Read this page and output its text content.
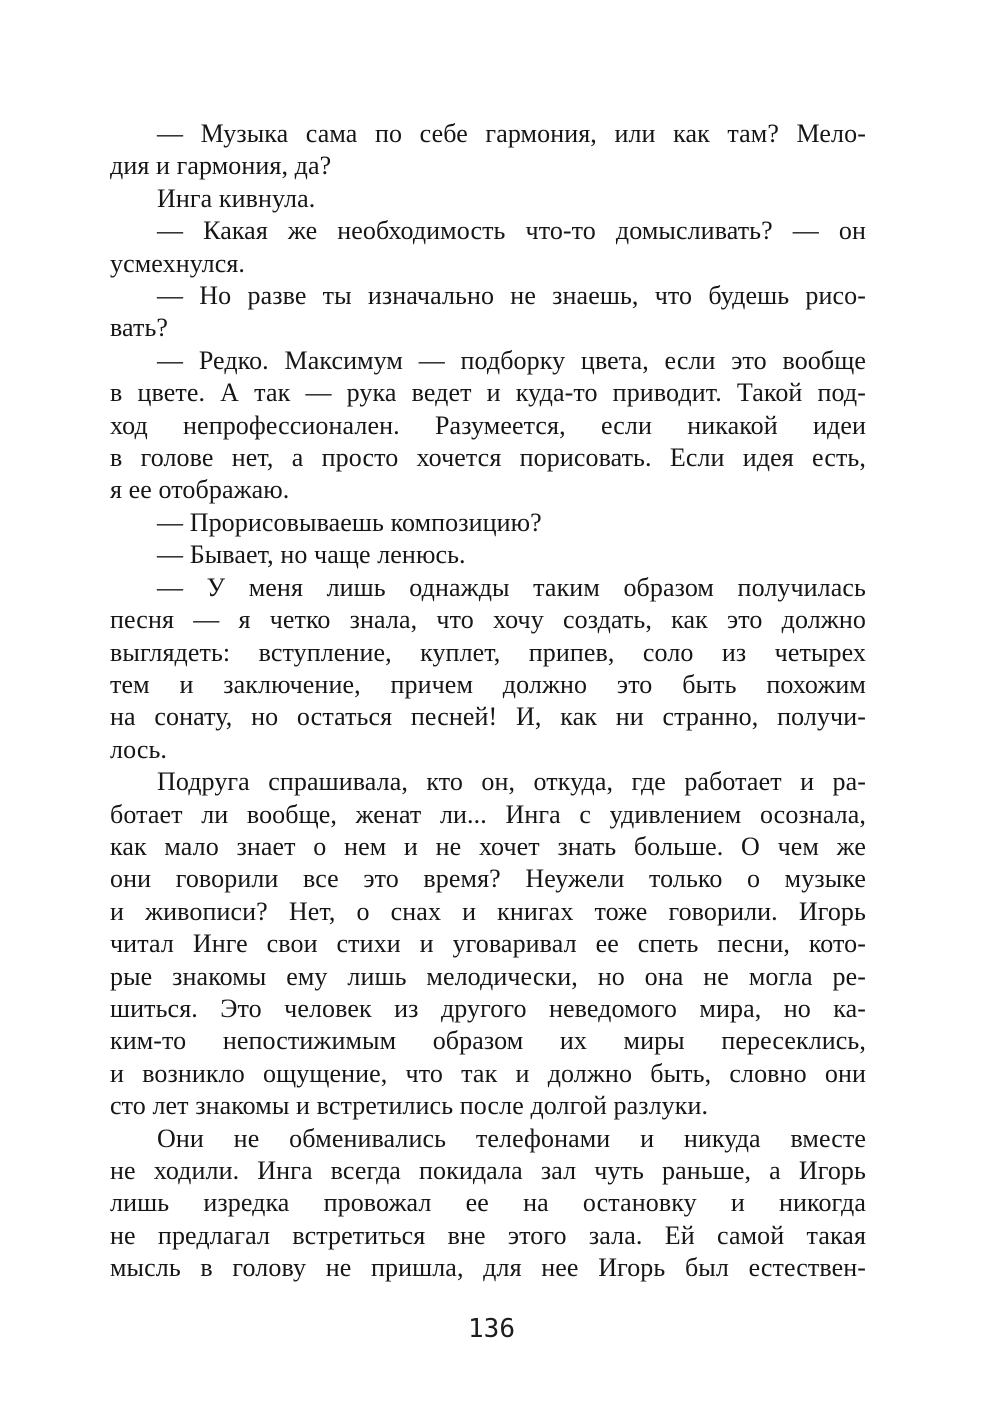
— Музыка сама по себе гармония, или как там? Мело-
дия и гармония, да?
Инга кивнула.
— Какая же необходимость что-то домысливать? — он
усмехнулся.
— Но разве ты изначально не знаешь, что будешь рисо-
вать?
— Редко. Максимум — подборку цвета, если это вообще
в цвете. А так — рука ведет и куда-то приводит. Такой под-
ход непрофессионален. Разумеется, если никакой идеи
в голове нет, а просто хочется порисовать. Если идея есть,
я ее отображаю.
— Прорисовываешь композицию?
— Бывает, но чаще ленюсь.
— У меня лишь однажды таким образом получилась
песня — я четко знала, что хочу создать, как это должно
выглядеть: вступление, куплет, припев, соло из четырех
тем и заключение, причем должно это быть похожим
на сонату, но остаться песней! И, как ни странно, получи-
лось.
Подруга спрашивала, кто он, откуда, где работает и ра-
ботает ли вообще, женат ли... Инга с удивлением осознала,
как мало знает о нем и не хочет знать больше. О чем же
они говорили все это время? Неужели только о музыке
и живописи? Нет, о снах и книгах тоже говорили. Игорь
читал Инге свои стихи и уговаривал ее спеть песни, кото-
рые знакомы ему лишь мелодически, но она не могла ре-
шиться. Это человек из другого неведомого мира, но ка-
ким-то непостижимым образом их миры пересеклись,
и возникло ощущение, что так и должно быть, словно они
сто лет знакомы и встретились после долгой разлуки.
Они не обменивались телефонами и никуда вместе
не ходили. Инга всегда покидала зал чуть раньше, а Игорь
лишь изредка провожал ее на остановку и никогда
не предлагал встретиться вне этого зала. Ей самой такая
мысль в голову не пришла, для нее Игорь был естествен-
136
